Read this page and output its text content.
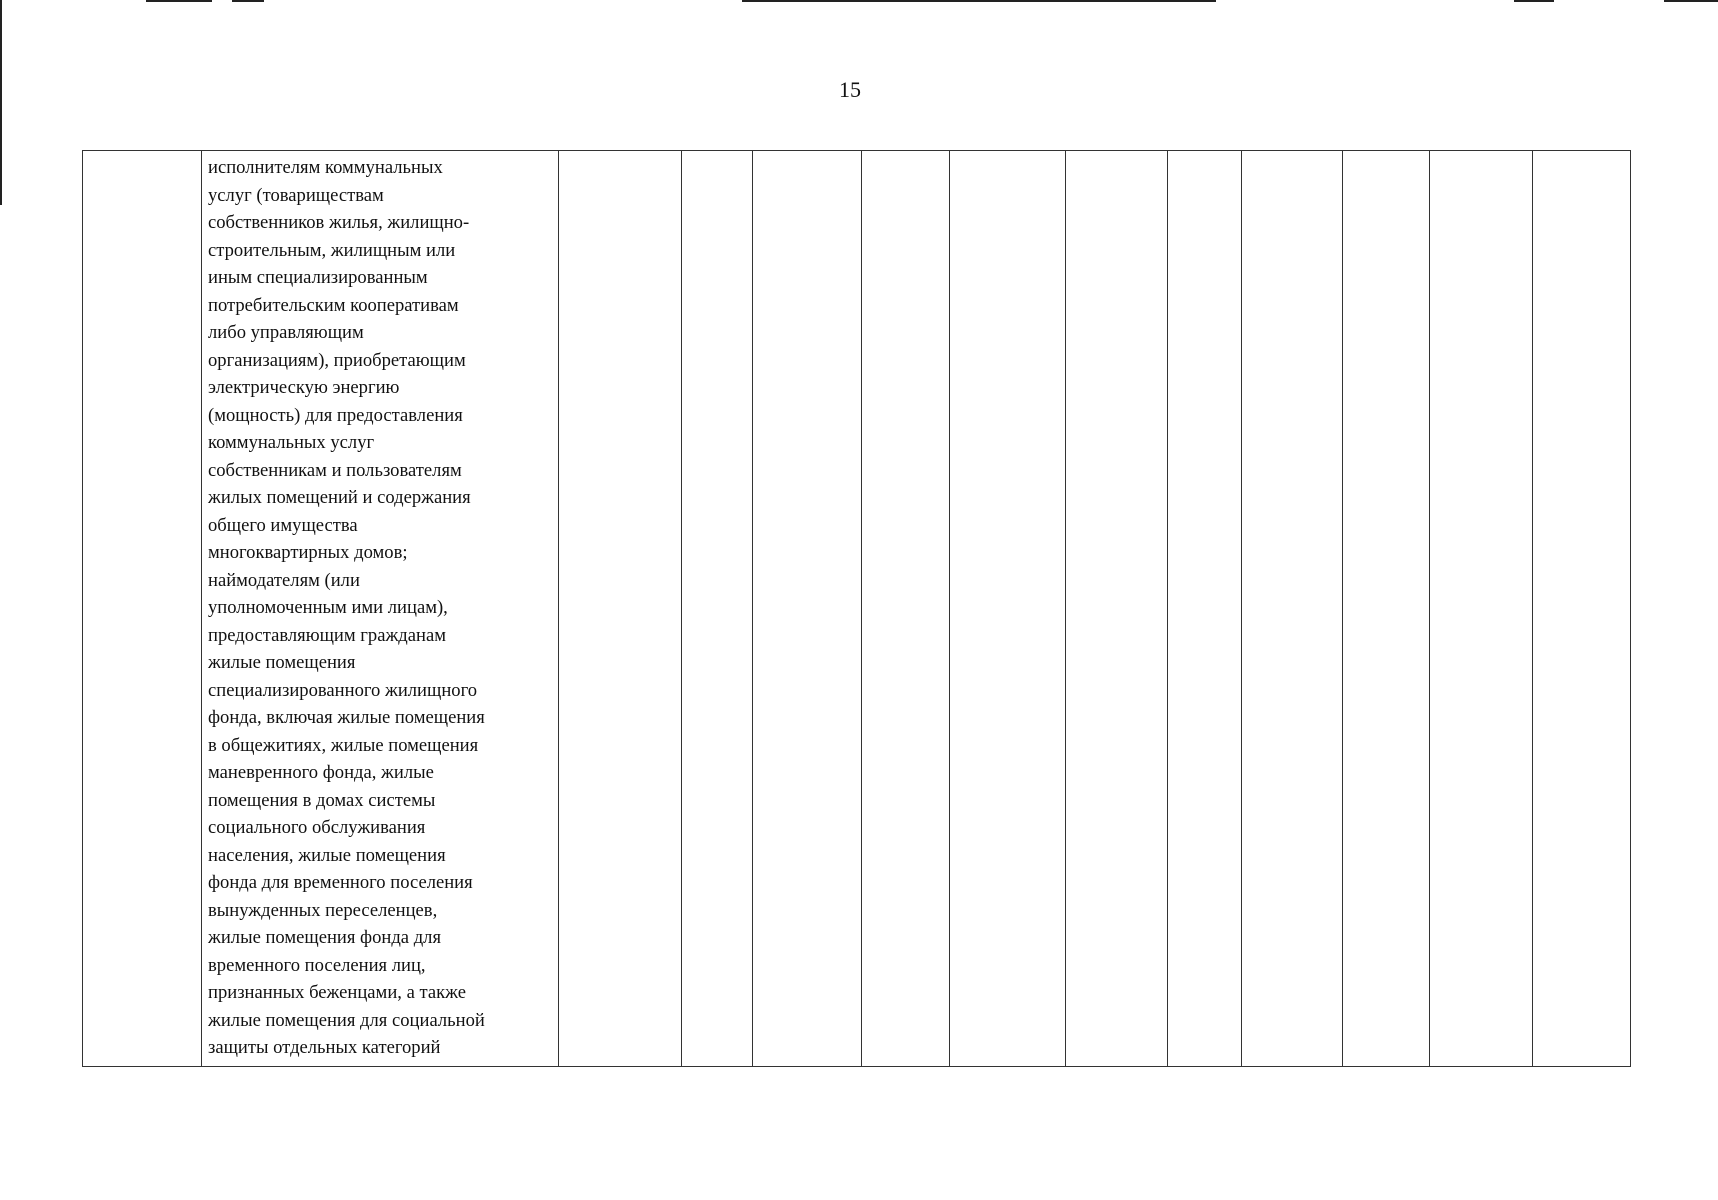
15

исполнителям коммунальных
услуг (товариществам
собственников жилья, жилищно-
строительным, жилищным или
иным специализированным
потребительским кооперативам
либо управляющим
организациям), приобретающим
электрическую энергию
(мощность) для предоставления
коммунальных услуг
собственникам и пользователям
жилых помещений и содержания
общего имущества
многоквартирных домов;
наймодателям (или
уполномоченным ими лицам),
предоставляющим гражданам
жилые помещения
специализированного жилищного
фонда, включая жилые помещения
в общежитиях, жилые помещения
маневренного фонда, жилые
помещения в домах системы
социального обслуживания
населения, жилые помещения
фонда для временного поселения
вынужденных переселенцев,
жилые помещения фонда для
временного поселения лиц,
признанных беженцами, а также
жилые помещения для социальной
защиты отдельных категорий
